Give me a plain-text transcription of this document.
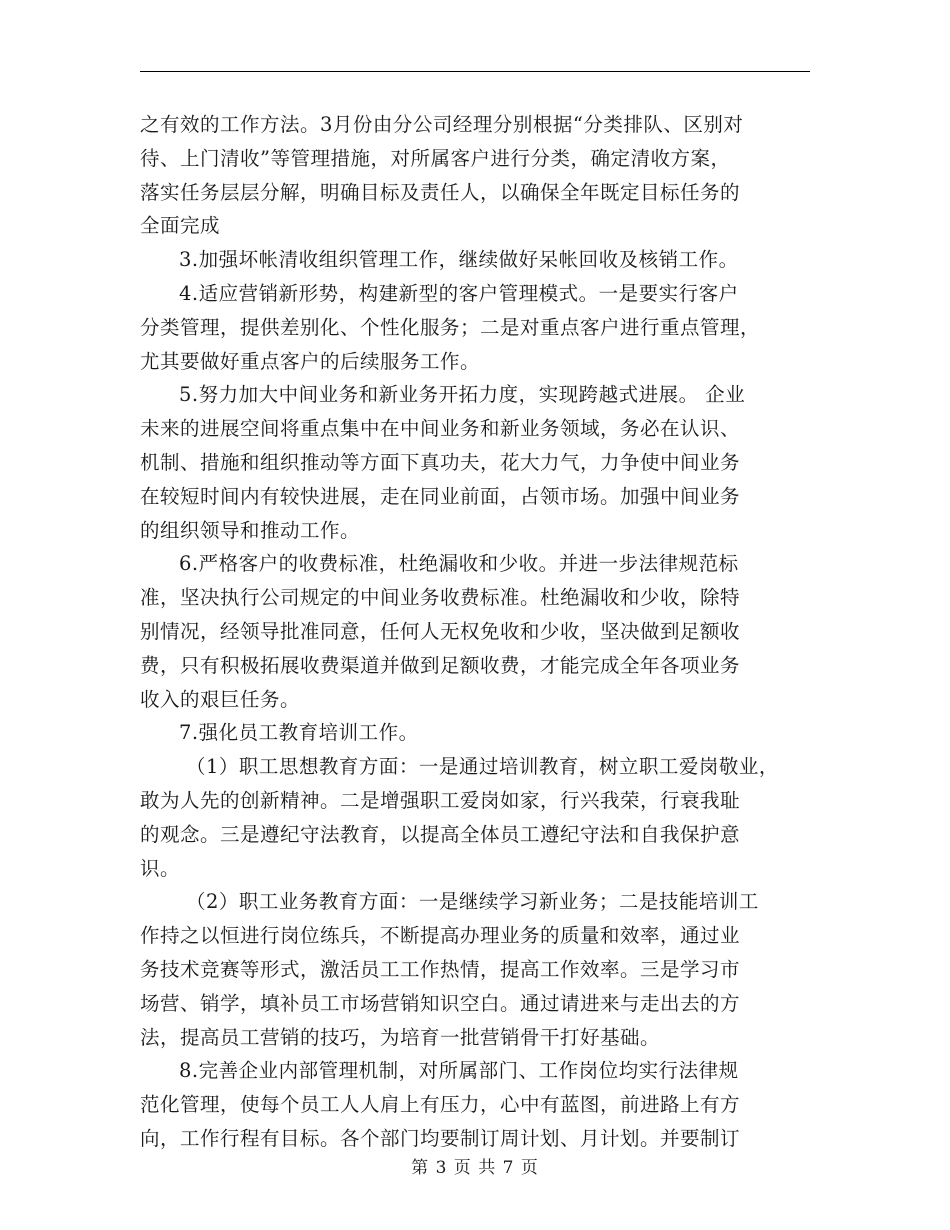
之有效的工作方法。3月份由分公司经理分别根据“分类排队、区别对
待、上门清收”等管理措施，对所属客户进行分类，确定清收方案，
落实任务层层分解，明确目标及责任人，以确保全年既定目标任务的
全面完成
3.加强坏帐清收组织管理工作，继续做好呆帐回收及核销工作。
4.适应营销新形势，构建新型的客户管理模式。一是要实行客户
分类管理，提供差别化、个性化服务；二是对重点客户进行重点管理，
尤其要做好重点客户的后续服务工作。
5.努力加大中间业务和新业务开拓力度，实现跨越式进展。 企业
未来的进展空间将重点集中在中间业务和新业务领域，务必在认识、
机制、措施和组织推动等方面下真功夫，花大力气，力争使中间业务
在较短时间内有较快进展，走在同业前面，占领市场。加强中间业务
的组织领导和推动工作。
6.严格客户的收费标准，杜绝漏收和少收。并进一步法律规范标
准，坚决执行公司规定的中间业务收费标准。杜绝漏收和少收，除特
别情况，经领导批准同意，任何人无权免收和少收，坚决做到足额收
费，只有积极拓展收费渠道并做到足额收费，才能完成全年各项业务
收入的艰巨任务。
7.强化员工教育培训工作。
（1）职工思想教育方面：一是通过培训教育，树立职工爱岗敬业，
敢为人先的创新精神。二是增强职工爱岗如家，行兴我荣，行衰我耻
的观念。三是遵纪守法教育，以提高全体员工遵纪守法和自我保护意
识。
（2）职工业务教育方面：一是继续学习新业务；二是技能培训工
作持之以恒进行岗位练兵，不断提高办理业务的质量和效率，通过业
务技术竞赛等形式，激活员工工作热情，提高工作效率。三是学习市
场营、销学，填补员工市场营销知识空白。通过请进来与走出去的方
法，提高员工营销的技巧，为培育一批营销骨干打好基础。
8.完善企业内部管理机制，对所属部门、工作岗位均实行法律规
范化管理，使每个员工人人肩上有压力，心中有蓝图，前进路上有方
向，工作行程有目标。各个部门均要制订周计划、月计划。并要制订
第 3 页 共 7 页
